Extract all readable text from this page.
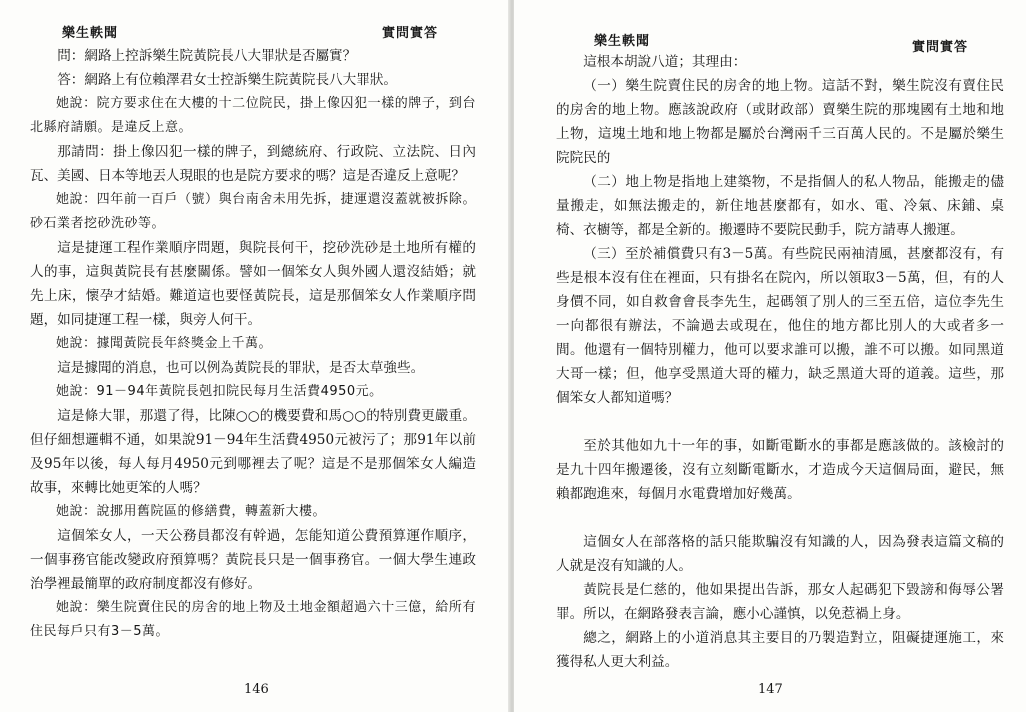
樂生軼聞	實問實答

問：網路上控訴樂生院黃院長八大罪狀是否屬實？

答：網路上有位賴澤君女士控訴樂生院黃院長八大罪狀。

她說：院方要求住在大樓的十二位院民，掛上像囚犯一樣的牌子，到台北縣府請願。是違反上意。

那請問：掛上像囚犯一樣的牌子，到總統府、行政院、立法院、日內瓦、美國、日本等地丟人現眼的也是院方要求的嗎？這是否違反上意呢？

她說：四年前一百戶（號）與台南舍未用先拆，捷運還沒蓋就被拆除。砂石業者挖砂洗砂等。

這是捷運工程作業順序問題，與院長何干，挖砂洗砂是土地所有權的人的事，這與黃院長有甚麼關係。譬如一個笨女人與外國人還沒結婚；就先上床，懷孕才結婚。難道這也要怪黃院長，這是那個笨女人作業順序問題，如同捷運工程一樣，與旁人何干。

她說：據聞黃院長年終獎金上千萬。

這是據聞的消息，也可以例為黃院長的罪狀，是否太草強些。

她說：91－94年黃院長剋扣院民每月生活費4950元。

這是條大罪，那還了得，比陳○○的機要費和馬○○的特別費更嚴重。但仔細想邏輯不通，如果說91－94年生活費4950元被污了；那91年以前及95年以後，每人每月4950元到哪裡去了呢？這是不是那個笨女人編造故事，來轉比她更笨的人嗎？

她說：說挪用舊院區的修繕費，轉蓋新大樓。

這個笨女人，一天公務員都沒有幹過，怎能知道公費預算運作順序，一個事務官能改變政府預算嗎？黃院長只是一個事務官。一個大學生連政治學裡最簡單的政府制度都沒有修好。

她說：樂生院賣住民的房舍的地上物及土地金額超過六十三億，給所有住民每戶只有3－5萬。

146
樂生軼聞	實問實答

這根本胡說八道；其理由：

（一）樂生院賣住民的房舍的地上物。這話不對，樂生院沒有賣住民的房舍的地上物。應該說政府（或財政部）賣樂生院的那塊國有土地和地上物，這塊土地和地上物都是屬於台灣兩千三百萬人民的。不是屬於樂生院院民的

（二）地上物是指地上建築物，不是指個人的私人物品，能搬走的儘量搬走，如無法搬走的，新住地甚麼都有，如水、電、冷氣、床鋪、桌椅、衣櫥等，都是全新的。搬遷時不要院民動手，院方請專人搬運。

（三）至於補償費只有3－5萬。有些院民兩袖清風，甚麼都沒有，有些是根本沒有住在裡面，只有掛名在院內，所以領取3－5萬，但，有的人身價不同，如自救會會長李先生，起碼領了別人的三至五倍，這位李先生一向都很有辦法，不論過去或現在，他住的地方都比別人的大或者多一間。他還有一個特別權力，他可以要求誰可以搬，誰不可以搬。如同黑道大哥一樣；但，他享受黑道大哥的權力，缺乏黑道大哥的道義。這些，那個笨女人都知道嗎？

至於其他如九十一年的事，如斷電斷水的事都是應該做的。該檢討的是九十四年搬遷後，沒有立刻斷電斷水，才造成今天這個局面，避民，無賴都跑進來，每個月水電費增加好幾萬。

這個女人在部落格的話只能欺騙沒有知識的人，因為發表這篇文稿的人就是沒有知識的人。

黃院長是仁慈的，他如果提出告訴，那女人起碼犯下毀謗和侮辱公署罪。所以，在網路發表言論，應小心謹慎，以免惹禍上身。

總之，網路上的小道消息其主要目的乃製造對立，阻礙捷運施工，來獲得私人更大利益。

147
